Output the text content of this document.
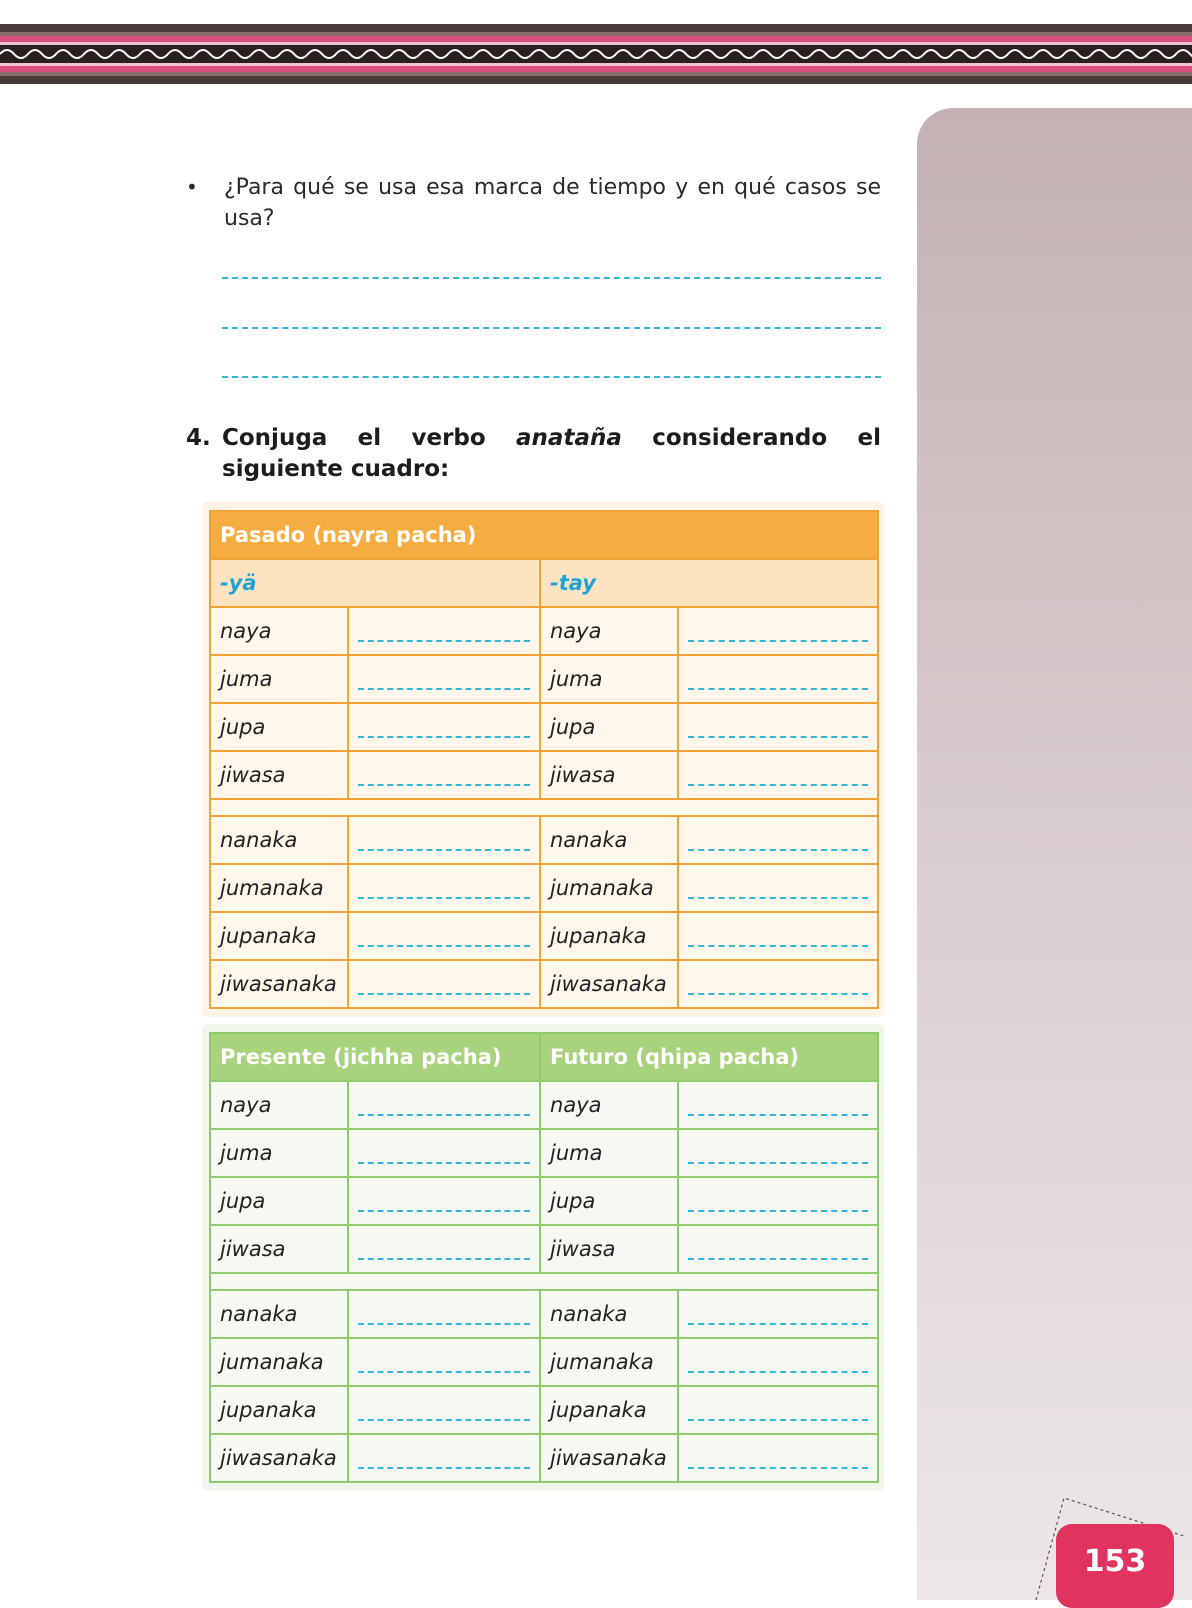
153
•	¿Para qué se usa esa marca de tiempo y en qué casos se usa?
4. Conjuga el verbo anataña considerando el siguiente cuadro:
Pasado (nayra pacha)			
-yä		-tay	
naya		naya	
juma		juma	
jupa		jupa	
jiwasa		jiwasa	

nanaka		nanaka	
jumanaka		jumanaka	
jupanaka		jupanaka	
jiwasanaka		jiwasanaka	
Presente (jichha pacha)		Futuro (qhipa pacha)	
naya		naya	
juma		juma	
jupa		jupa	
jiwasa		jiwasa	

nanaka		nanaka	
jumanaka		jumanaka	
jupanaka		jupanaka	
jiwasanaka		jiwasanaka	
